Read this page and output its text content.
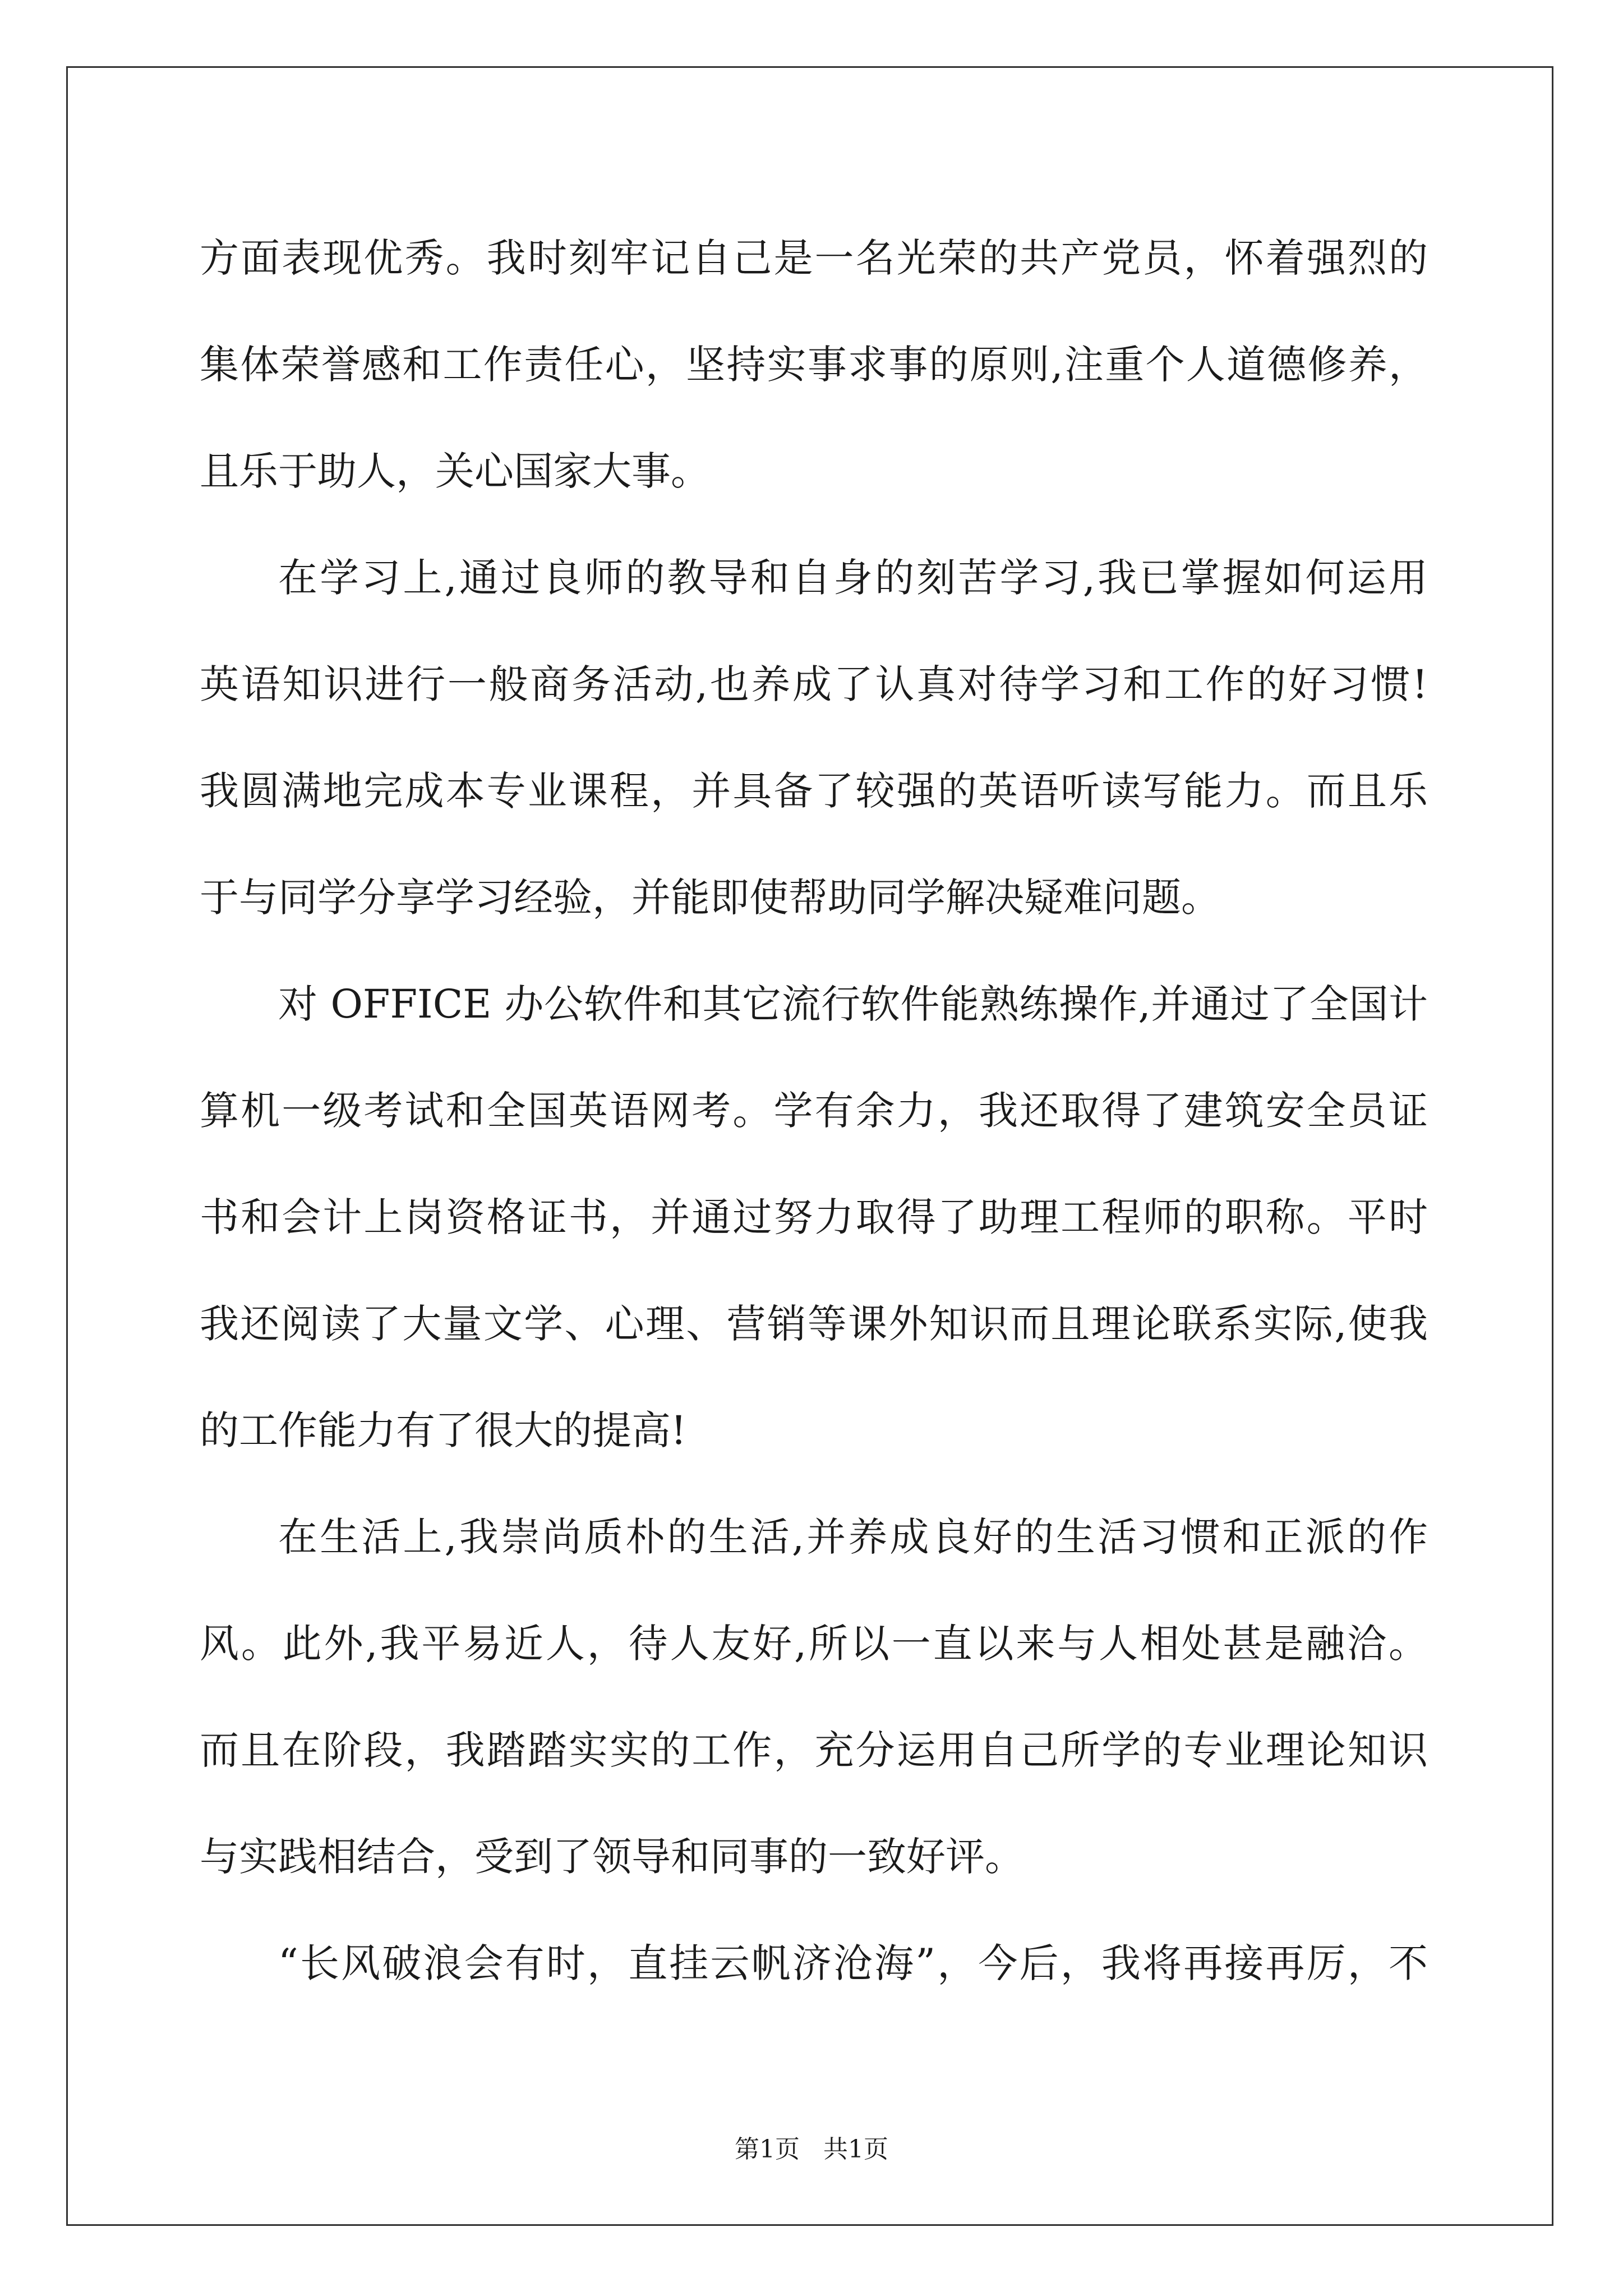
方面表现优秀。我时刻牢记自己是一名光荣的共产党员，怀着强烈的
集体荣誉感和工作责任心，坚持实事求事的原则,注重个人道德修养，
且乐于助人，关心国家大事。
在学习上,通过良师的教导和自身的刻苦学习,我已掌握如何运用
英语知识进行一般商务活动,也养成了认真对待学习和工作的好习惯!
我圆满地完成本专业课程，并具备了较强的英语听读写能力。而且乐
于与同学分享学习经验，并能即使帮助同学解决疑难问题。
对 OFFICE 办公软件和其它流行软件能熟练操作,并通过了全国计
算机一级考试和全国英语网考。学有余力，我还取得了建筑安全员证
书和会计上岗资格证书，并通过努力取得了助理工程师的职称。平时
我还阅读了大量文学、心理、营销等课外知识而且理论联系实际,使我
的工作能力有了很大的提高!
在生活上,我崇尚质朴的生活,并养成良好的生活习惯和正派的作
风。此外,我平易近人，待人友好,所以一直以来与人相处甚是融洽。
而且在阶段，我踏踏实实的工作，充分运用自己所学的专业理论知识
与实践相结合，受到了领导和同事的一致好评。
“长风破浪会有时，直挂云帆济沧海”，今后，我将再接再厉，不
第1页 共1页
